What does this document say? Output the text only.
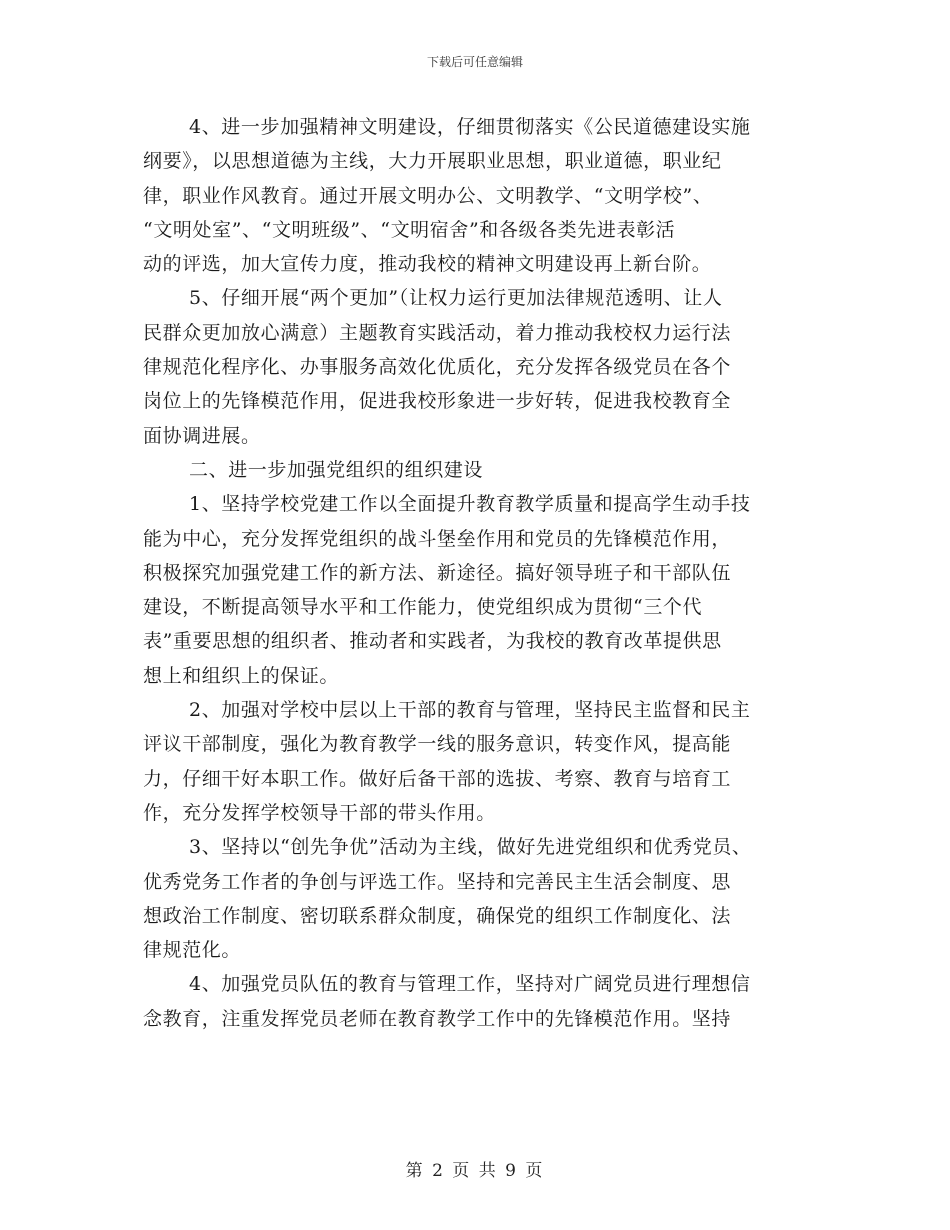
下载后可任意编辑
4、进一步加强精神文明建设，仔细贯彻落实《公民道德建设实施
纲要》，以思想道德为主线，大力开展职业思想，职业道德，职业纪
律，职业作风教育。通过开展文明办公、文明教学、“文明学校”、
“文明处室”、“文明班级”、“文明宿舍”和各级各类先进表彰活
动的评选，加大宣传力度，推动我校的精神文明建设再上新台阶。
5、仔细开展“两个更加”（让权力运行更加法律规范透明、让人
民群众更加放心满意）主题教育实践活动，着力推动我校权力运行法
律规范化程序化、办事服务高效化优质化，充分发挥各级党员在各个
岗位上的先锋模范作用，促进我校形象进一步好转，促进我校教育全
面协调进展。
二、进一步加强党组织的组织建设
1、坚持学校党建工作以全面提升教育教学质量和提高学生动手技
能为中心，充分发挥党组织的战斗堡垒作用和党员的先锋模范作用，
积极探究加强党建工作的新方法、新途径。搞好领导班子和干部队伍
建设，不断提高领导水平和工作能力，使党组织成为贯彻“三个代
表”重要思想的组织者、推动者和实践者，为我校的教育改革提供思
想上和组织上的保证。
2、加强对学校中层以上干部的教育与管理，坚持民主监督和民主
评议干部制度，强化为教育教学一线的服务意识，转变作风，提高能
力，仔细干好本职工作。做好后备干部的选拔、考察、教育与培育工
作，充分发挥学校领导干部的带头作用。
3、坚持以“创先争优”活动为主线，做好先进党组织和优秀党员、
优秀党务工作者的争创与评选工作。坚持和完善民主生活会制度、思
想政治工作制度、密切联系群众制度，确保党的组织工作制度化、法
律规范化。
4、加强党员队伍的教育与管理工作，坚持对广阔党员进行理想信
念教育，注重发挥党员老师在教育教学工作中的先锋模范作用。坚持
第 2 页 共 9 页
